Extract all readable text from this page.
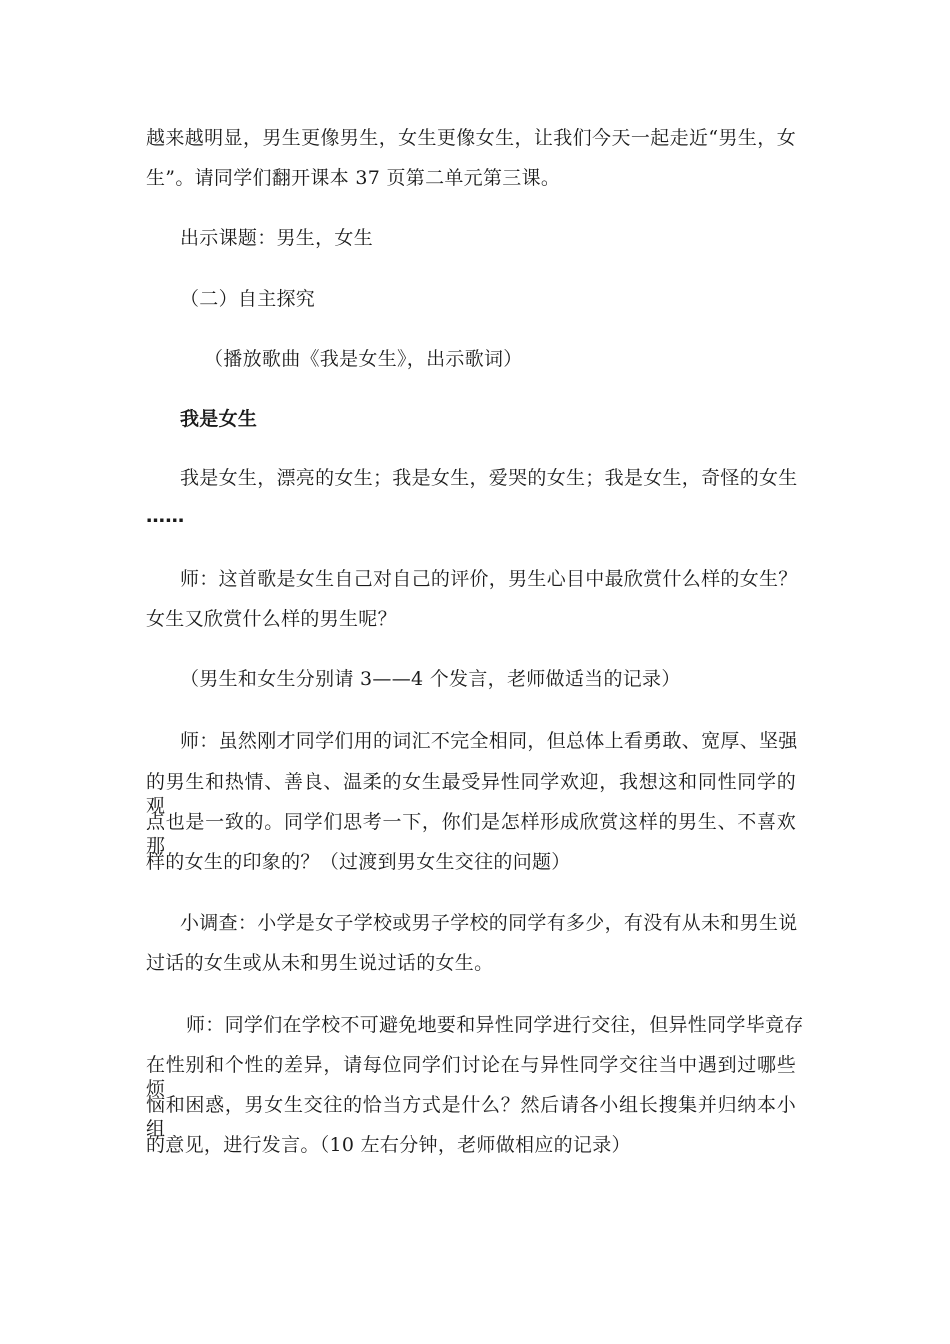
越来越明显，男生更像男生，女生更像女生，让我们今天一起走近“男生，女
生”。请同学们翻开课本 37 页第二单元第三课。
出示课题：男生，女生
（二）自主探究
（播放歌曲《我是女生》，出示歌词）
我是女生
我是女生，漂亮的女生；我是女生，爱哭的女生；我是女生，奇怪的女生
……
师：这首歌是女生自己对自己的评价，男生心目中最欣赏什么样的女生？
女生又欣赏什么样的男生呢？
（男生和女生分别请 3——4 个发言，老师做适当的记录）
师：虽然刚才同学们用的词汇不完全相同，但总体上看勇敢、宽厚、坚强
的男生和热情、善良、温柔的女生最受异性同学欢迎，我想这和同性同学的观
点也是一致的。同学们思考一下，你们是怎样形成欣赏这样的男生、不喜欢那
样的女生的印象的？（过渡到男女生交往的问题）
小调查：小学是女子学校或男子学校的同学有多少，有没有从未和男生说
过话的女生或从未和男生说过话的女生。
师：同学们在学校不可避免地要和异性同学进行交往，但异性同学毕竟存
在性别和个性的差异，请每位同学们讨论在与异性同学交往当中遇到过哪些烦
恼和困惑，男女生交往的恰当方式是什么？然后请各小组长搜集并归纳本小组
的意见，进行发言。（10 左右分钟，老师做相应的记录）
